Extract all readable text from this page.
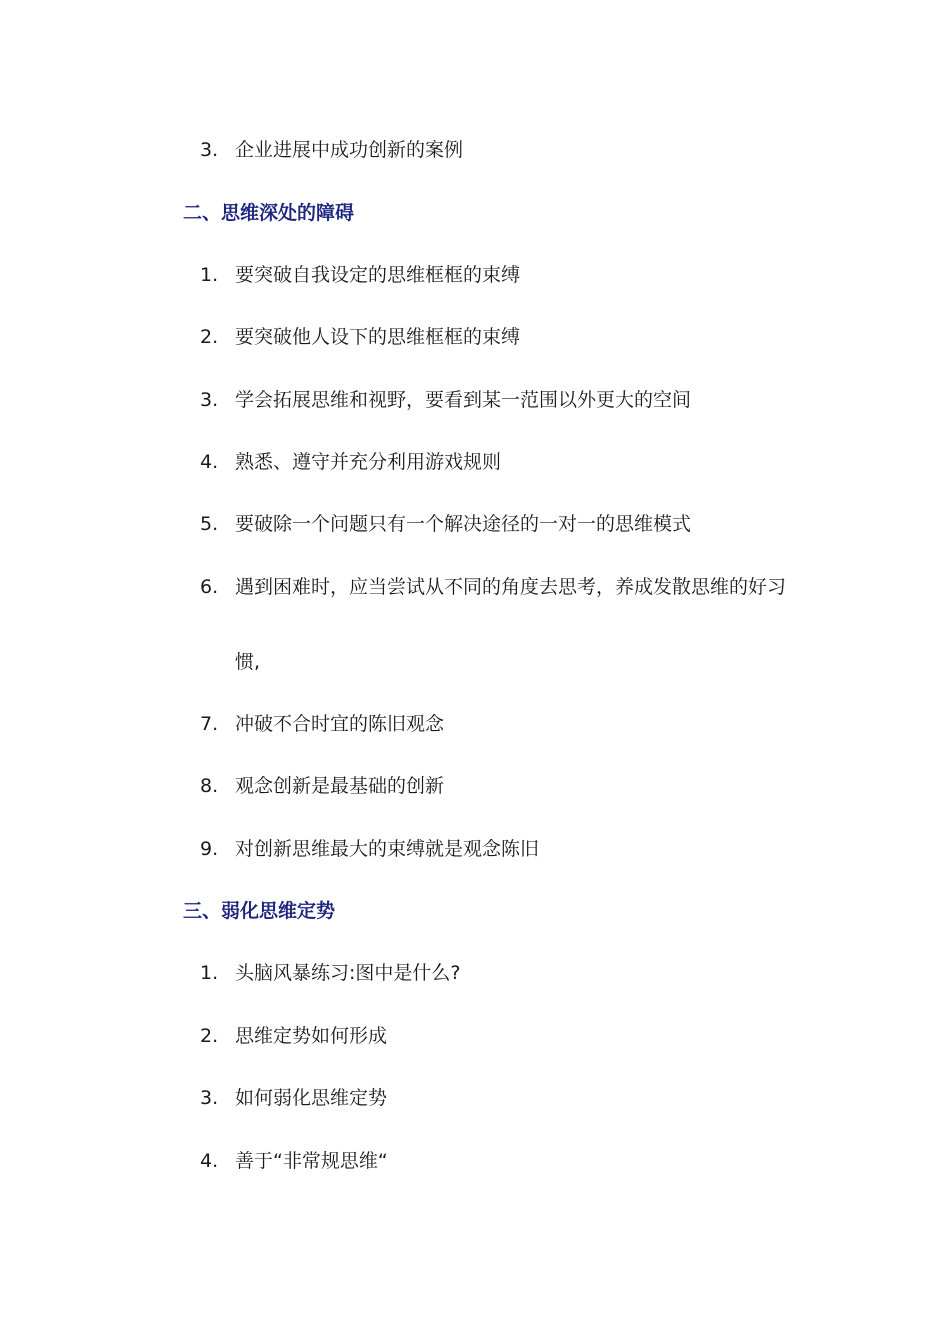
3. 企业进展中成功创新的案例
二、思维深处的障碍
1. 要突破自我设定的思维框框的束缚
2. 要突破他人设下的思维框框的束缚
3. 学会拓展思维和视野，要看到某一范围以外更大的空间
4. 熟悉、遵守并充分利用游戏规则
5. 要破除一个问题只有一个解决途径的一对一的思维模式
6. 遇到困难时，应当尝试从不同的角度去思考，养成发散思维的好习
惯,
7. 冲破不合时宜的陈旧观念
8. 观念创新是最基础的创新
9. 对创新思维最大的束缚就是观念陈旧
三、弱化思维定势
1. 头脑风暴练习:图中是什么?
2. 思维定势如何形成
3. 如何弱化思维定势
4. 善于“非常规思维“
